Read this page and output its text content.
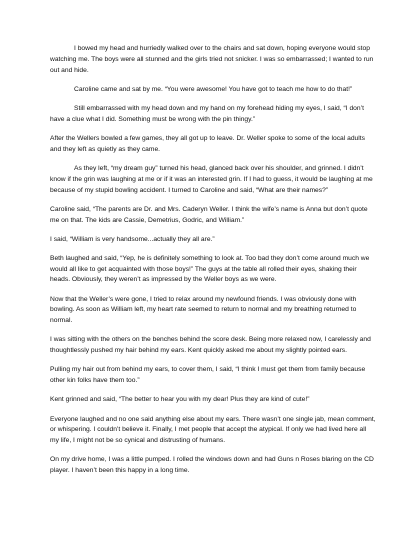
I bowed my head and hurriedly walked over to the chairs and sat down, hoping everyone would stop watching me. The boys were all stunned and the girls tried not snicker. I was so embarrassed; I wanted to run out and hide.

Caroline came and sat by me. “You were awesome! You have got to teach me how to do that!”

Still embarrassed with my head down and my hand on my forehead hiding my eyes, I said, “I don’t have a clue what I did. Something must be wrong with the pin thingy.”

After the Wellers bowled a few games, they all got up to leave. Dr. Weller spoke to some of the local adults and they left as quietly as they came.

As they left, “my dream guy” turned his head, glanced back over his shoulder, and grinned. I didn’t know if the grin was laughing at me or if it was an interested grin. If I had to guess, it would be laughing at me because of my stupid bowling accident. I turned to Caroline and said, “What are their names?”

Caroline said, “The parents are Dr. and Mrs. Caderyn Weller. I think the wife’s name is Anna but don’t quote me on that. The kids are Cassie, Demetrius, Godric, and William.”

I said, “William is very handsome...actually they all are.”

Beth laughed and said, “Yep, he is definitely something to look at. Too bad they don’t come around much we would all like to get acquainted with those boys!” The guys at the table all rolled their eyes, shaking their heads. Obviously, they weren’t as impressed by the Weller boys as we were.

Now that the Weller’s were gone, I tried to relax around my newfound friends. I was obviously done with bowling. As soon as William left, my heart rate seemed to return to normal and my breathing returned to normal.

I was sitting with the others on the benches behind the score desk. Being more relaxed now, I carelessly and thoughtlessly pushed my hair behind my ears. Kent quickly asked me about my slightly pointed ears.

Pulling my hair out from behind my ears, to cover them, I said, “I think I must get them from family because other kin folks have them too.”

Kent grinned and said, “The better to hear you with my dear! Plus they are kind of cute!”

Everyone laughed and no one said anything else about my ears. There wasn’t one single jab, mean comment, or whispering. I couldn’t believe it. Finally, I met people that accept the atypical. If only we had lived here all my life, I might not be so cynical and distrusting of humans.

On my drive home, I was a little pumped. I rolled the windows down and had Guns n Roses blaring on the CD player. I haven’t been this happy in a long time.
